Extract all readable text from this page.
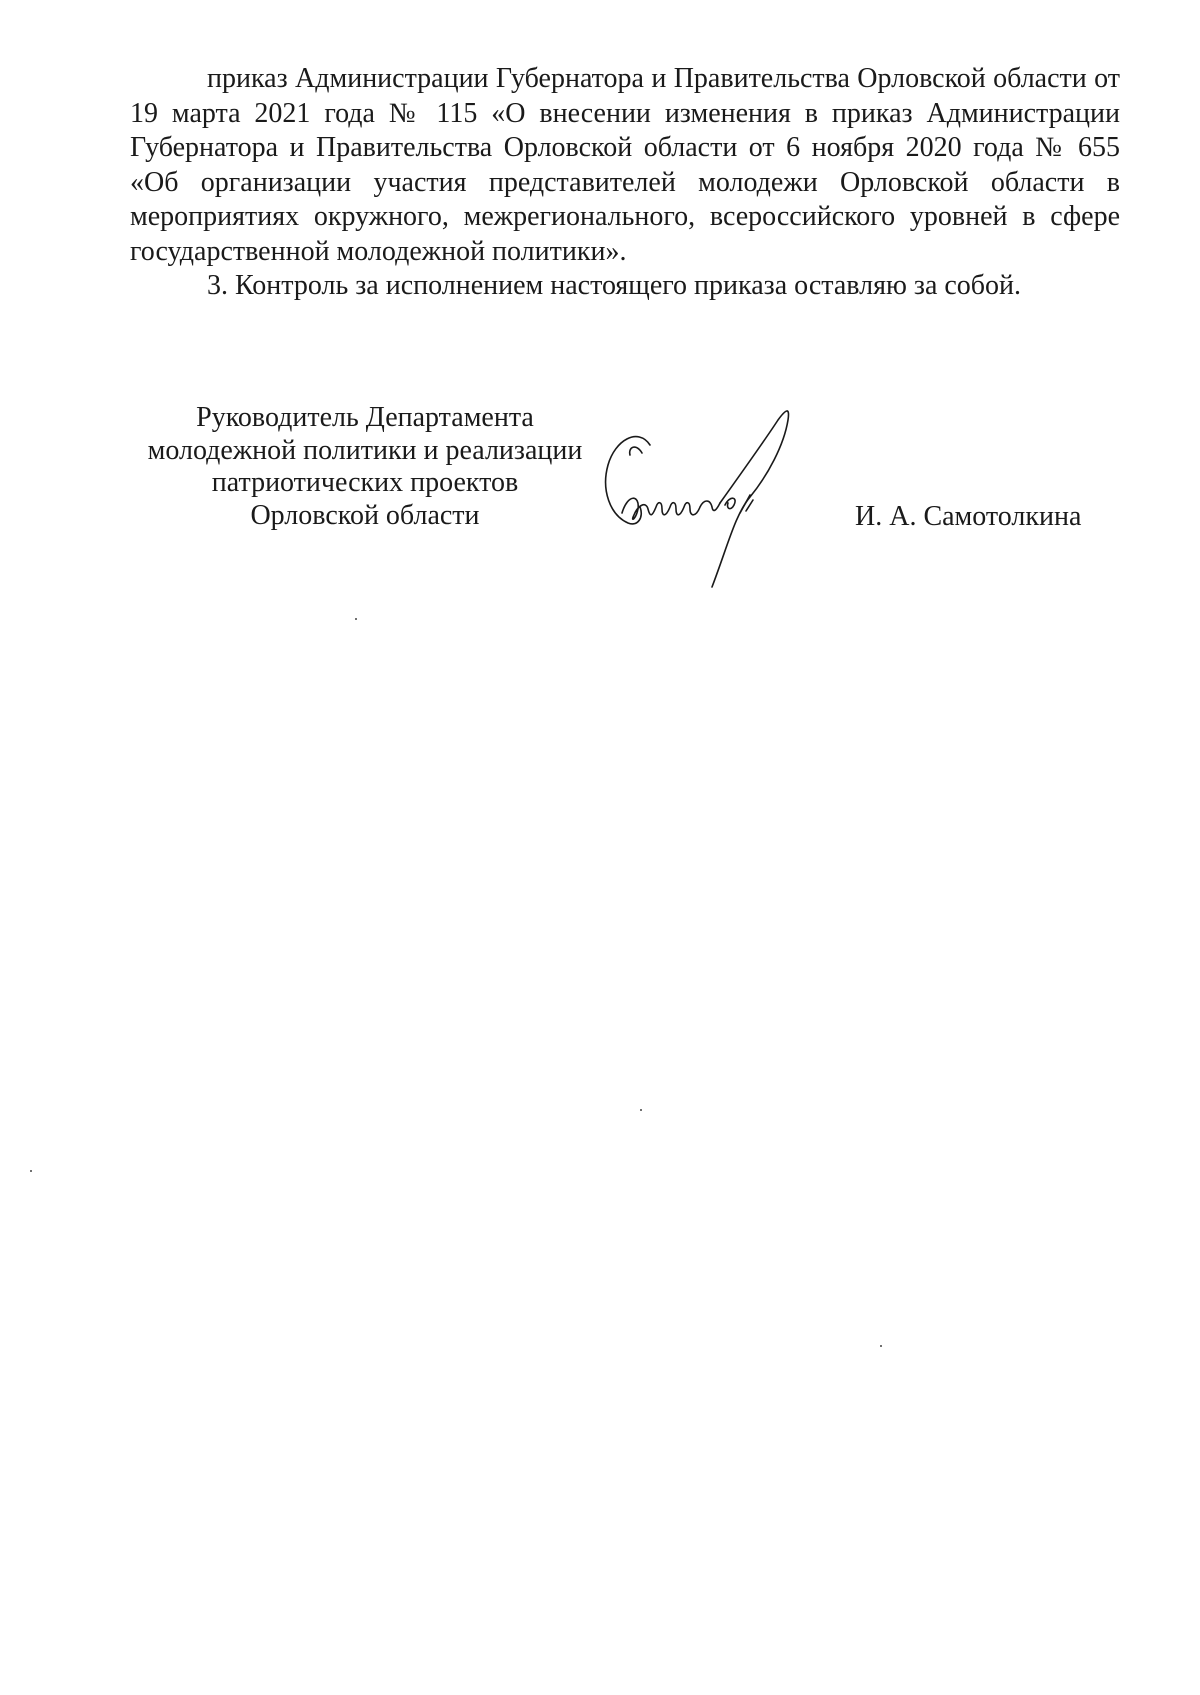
приказ Администрации Губернатора и Правительства Орловской области от 19 марта 2021 года № 115 «О внесении изменения в приказ Администрации Губернатора и Правительства Орловской области от 6 ноября 2020 года № 655 «Об организации участия представителей молодежи Орловской области в мероприятиях окружного, межрегионального, всероссийского уровней в сфере государственной молодежной политики».

3. Контроль за исполнением настоящего приказа оставляю за собой.

Руководитель Департамента
молодежной политики и реализации
патриотических проектов
Орловской области	И. А. Самотолкина
